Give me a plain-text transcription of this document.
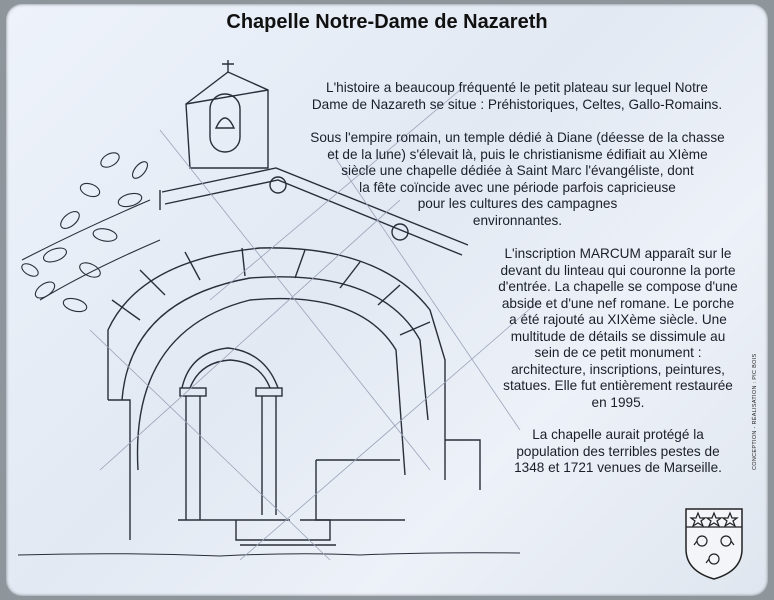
Chapelle Notre-Dame de Nazareth
L'histoire a beaucoup fréquenté le petit plateau sur lequel Notre
Dame de Nazareth se situe : Préhistoriques, Celtes, Gallo-Romains.
Sous l'empire romain, un temple dédié à Diane (déesse de la chasse
et de la lune) s'élevait là, puis le christianisme édifiait au XIème
siècle une chapelle dédiée à Saint Marc l'évangéliste, dont
la fête coïncide avec une période parfois capricieuse
pour les cultures des campagnes
environnantes.
L'inscription MARCUM apparaît sur le
devant du linteau qui couronne la porte
d'entrée. La chapelle se compose d'une
abside et d'une nef romane. Le porche
a été rajouté au XIXème siècle. Une
multitude de détails se dissimule au
sein de ce petit monument :
architecture, inscriptions, peintures,
statues. Elle fut entièrement restaurée
en 1995.
La chapelle aurait protégé la
population des terribles pestes de
1348 et 1721 venues de Marseille.	CONCEPTION - RÉALISATION : PIC BOIS
